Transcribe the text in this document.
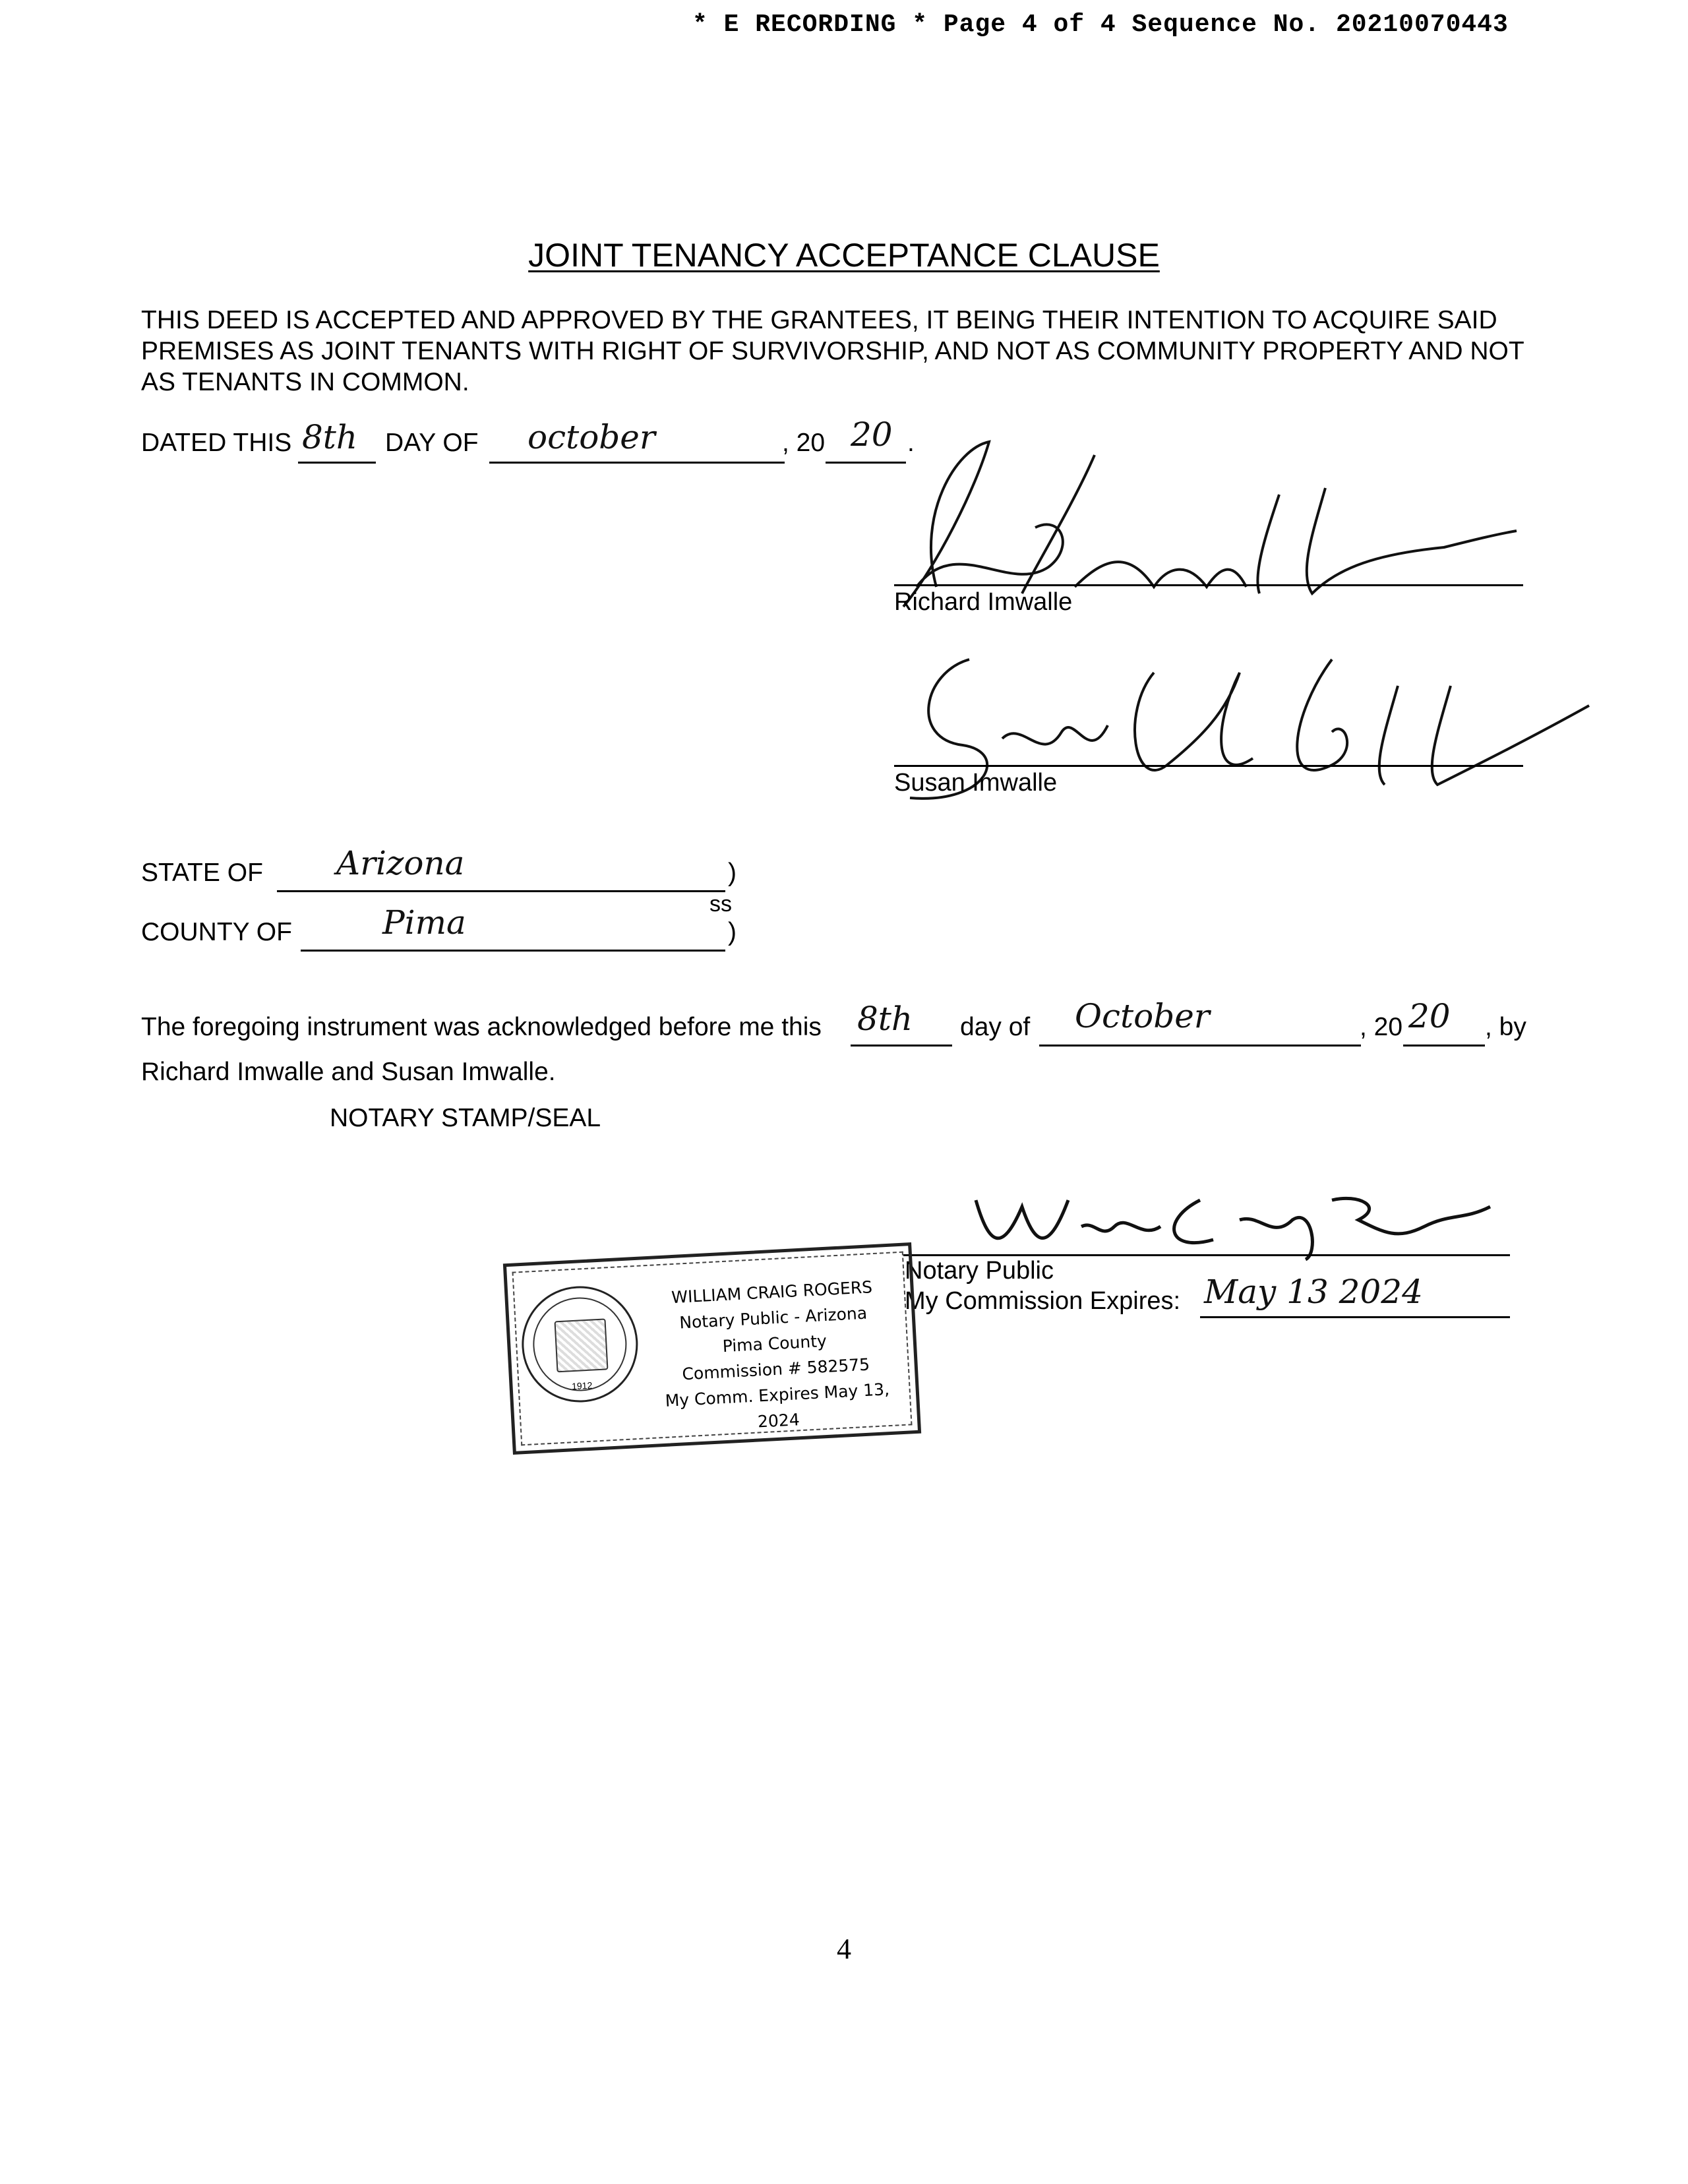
* E RECORDING * Page 4 of 4 Sequence No. 20210070443
JOINT TENANCY ACCEPTANCE CLAUSE
THIS DEED IS ACCEPTED AND APPROVED BY THE GRANTEES, IT BEING THEIR INTENTION TO ACQUIRE SAID PREMISES AS JOINT TENANTS WITH RIGHT OF SURVIVORSHIP, AND NOT AS COMMUNITY PROPERTY AND NOT AS TENANTS IN COMMON.
DATED THIS 8th DAY OF october	, 20 20 .
Richard Imwalle
Susan Imwalle
STATE OF Arizona	)
ss
COUNTY OF	Pima	)
The foregoing instrument was acknowledged before me this 8th day of October	, 20 20 , by
Richard Imwalle and Susan Imwalle.
NOTARY STAMP/SEAL
Notary Public
My Commission Expires: May 13 2024
1912
WILLIAM CRAIG ROGERS
Notary Public - Arizona
Pima County
Commission # 582575
My Comm. Expires May 13, 2024
4
